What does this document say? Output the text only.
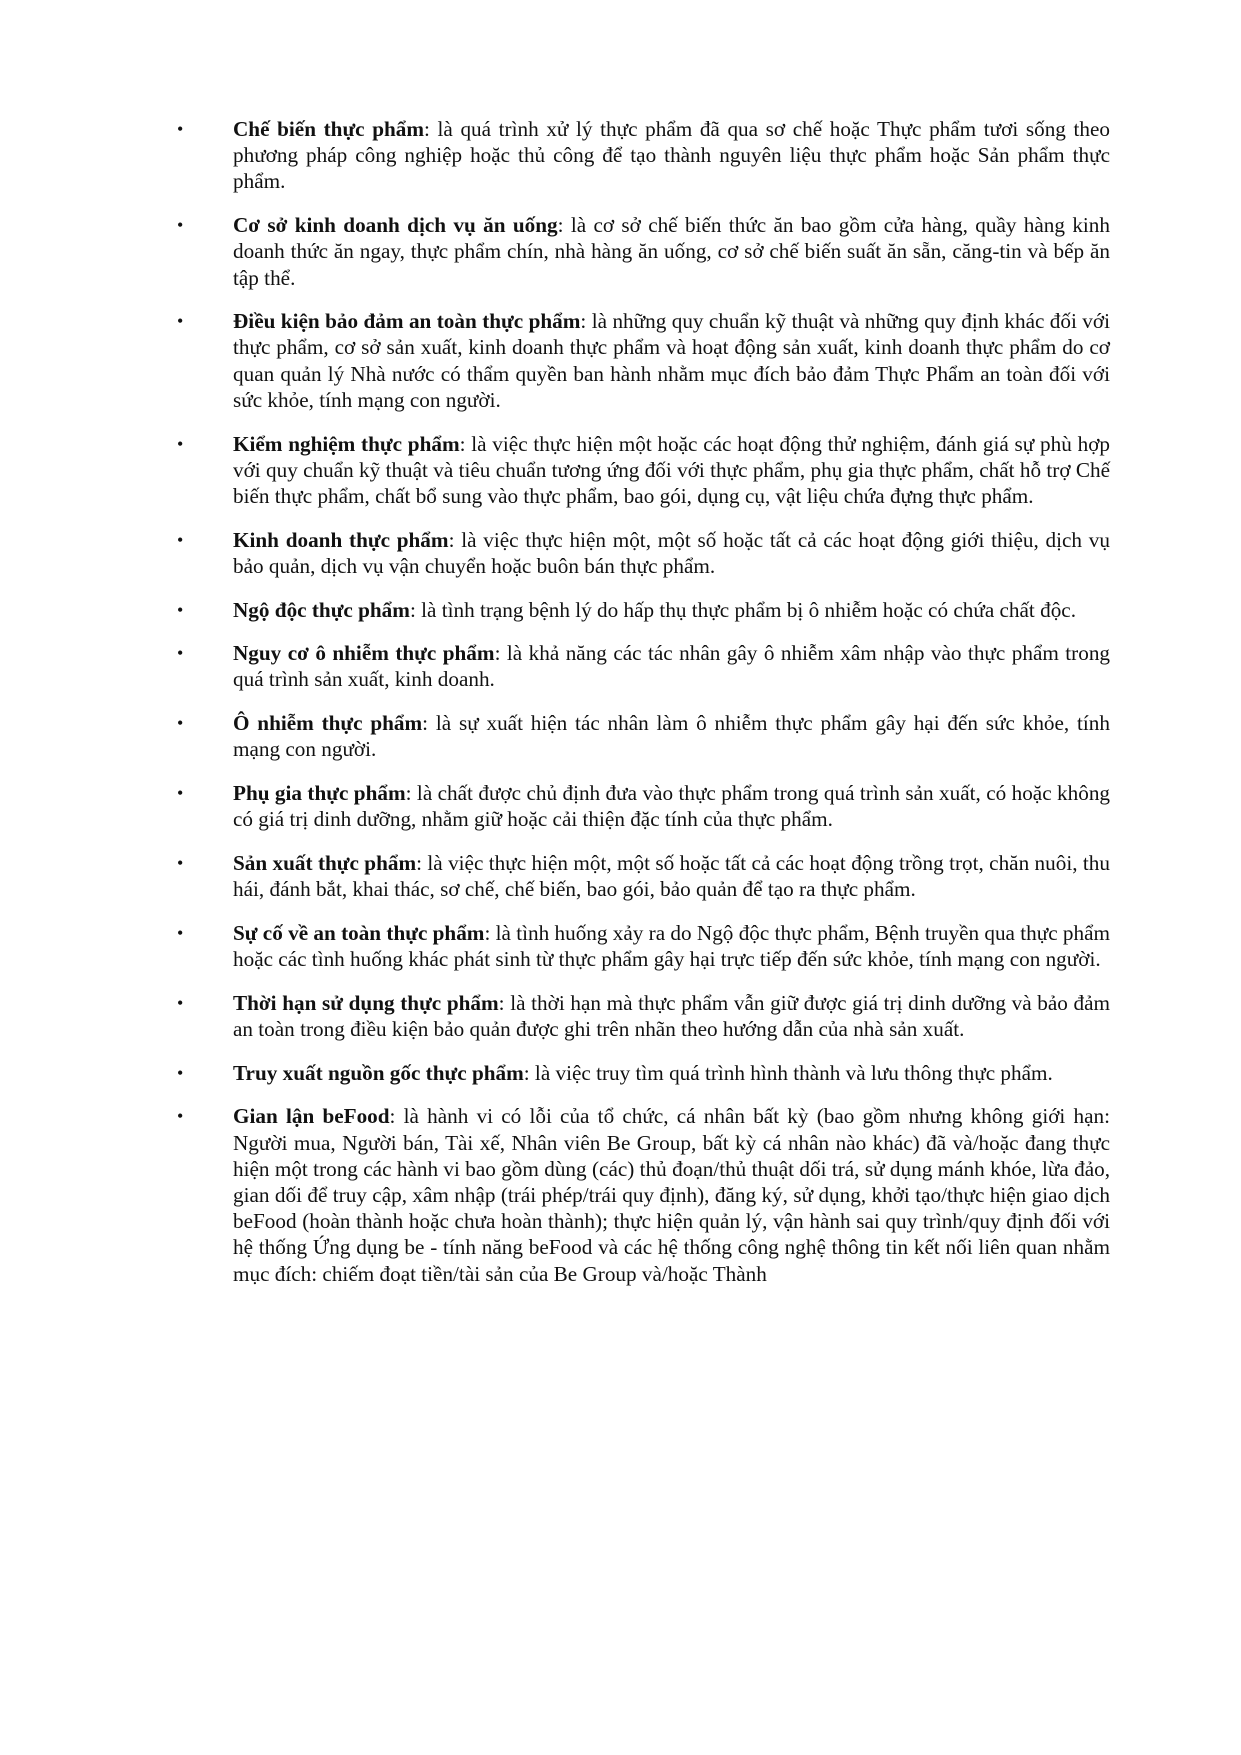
• Chế biến thực phẩm: là quá trình xử lý thực phẩm đã qua sơ chế hoặc Thực phẩm tươi sống theo phương pháp công nghiệp hoặc thủ công để tạo thành nguyên liệu thực phẩm hoặc Sản phẩm thực phẩm.
• Cơ sở kinh doanh dịch vụ ăn uống: là cơ sở chế biến thức ăn bao gồm cửa hàng, quầy hàng kinh doanh thức ăn ngay, thực phẩm chín, nhà hàng ăn uống, cơ sở chế biến suất ăn sẵn, căng-tin và bếp ăn tập thể.
• Điều kiện bảo đảm an toàn thực phẩm: là những quy chuẩn kỹ thuật và những quy định khác đối với thực phẩm, cơ sở sản xuất, kinh doanh thực phẩm và hoạt động sản xuất, kinh doanh thực phẩm do cơ quan quản lý Nhà nước có thẩm quyền ban hành nhằm mục đích bảo đảm Thực Phẩm an toàn đối với sức khỏe, tính mạng con người.
• Kiểm nghiệm thực phẩm: là việc thực hiện một hoặc các hoạt động thử nghiệm, đánh giá sự phù hợp với quy chuẩn kỹ thuật và tiêu chuẩn tương ứng đối với thực phẩm, phụ gia thực phẩm, chất hỗ trợ Chế biến thực phẩm, chất bổ sung vào thực phẩm, bao gói, dụng cụ, vật liệu chứa đựng thực phẩm.
• Kinh doanh thực phẩm: là việc thực hiện một, một số hoặc tất cả các hoạt động giới thiệu, dịch vụ bảo quản, dịch vụ vận chuyển hoặc buôn bán thực phẩm.
• Ngộ độc thực phẩm: là tình trạng bệnh lý do hấp thụ thực phẩm bị ô nhiễm hoặc có chứa chất độc.
• Nguy cơ ô nhiễm thực phẩm: là khả năng các tác nhân gây ô nhiễm xâm nhập vào thực phẩm trong quá trình sản xuất, kinh doanh.
• Ô nhiễm thực phẩm: là sự xuất hiện tác nhân làm ô nhiễm thực phẩm gây hại đến sức khỏe, tính mạng con người.
• Phụ gia thực phẩm: là chất được chủ định đưa vào thực phẩm trong quá trình sản xuất, có hoặc không có giá trị dinh dưỡng, nhằm giữ hoặc cải thiện đặc tính của thực phẩm.
• Sản xuất thực phẩm: là việc thực hiện một, một số hoặc tất cả các hoạt động trồng trọt, chăn nuôi, thu hái, đánh bắt, khai thác, sơ chế, chế biến, bao gói, bảo quản để tạo ra thực phẩm.
• Sự cố về an toàn thực phẩm: là tình huống xảy ra do Ngộ độc thực phẩm, Bệnh truyền qua thực phẩm hoặc các tình huống khác phát sinh từ thực phẩm gây hại trực tiếp đến sức khỏe, tính mạng con người.
• Thời hạn sử dụng thực phẩm: là thời hạn mà thực phẩm vẫn giữ được giá trị dinh dưỡng và bảo đảm an toàn trong điều kiện bảo quản được ghi trên nhãn theo hướng dẫn của nhà sản xuất.
• Truy xuất nguồn gốc thực phẩm: là việc truy tìm quá trình hình thành và lưu thông thực phẩm.
• Gian lận beFood: là hành vi có lỗi của tổ chức, cá nhân bất kỳ (bao gồm nhưng không giới hạn: Người mua, Người bán, Tài xế, Nhân viên Be Group, bất kỳ cá nhân nào khác) đã và/hoặc đang thực hiện một trong các hành vi bao gồm dùng (các) thủ đoạn/thủ thuật dối trá, sử dụng mánh khóe, lừa đảo, gian dối để truy cập, xâm nhập (trái phép/trái quy định), đăng ký, sử dụng, khởi tạo/thực hiện giao dịch beFood (hoàn thành hoặc chưa hoàn thành); thực hiện quản lý, vận hành sai quy trình/quy định đối với hệ thống Ứng dụng be - tính năng beFood và các hệ thống công nghệ thông tin kết nối liên quan nhằm mục đích: chiếm đoạt tiền/tài sản của Be Group và/hoặc Thành
